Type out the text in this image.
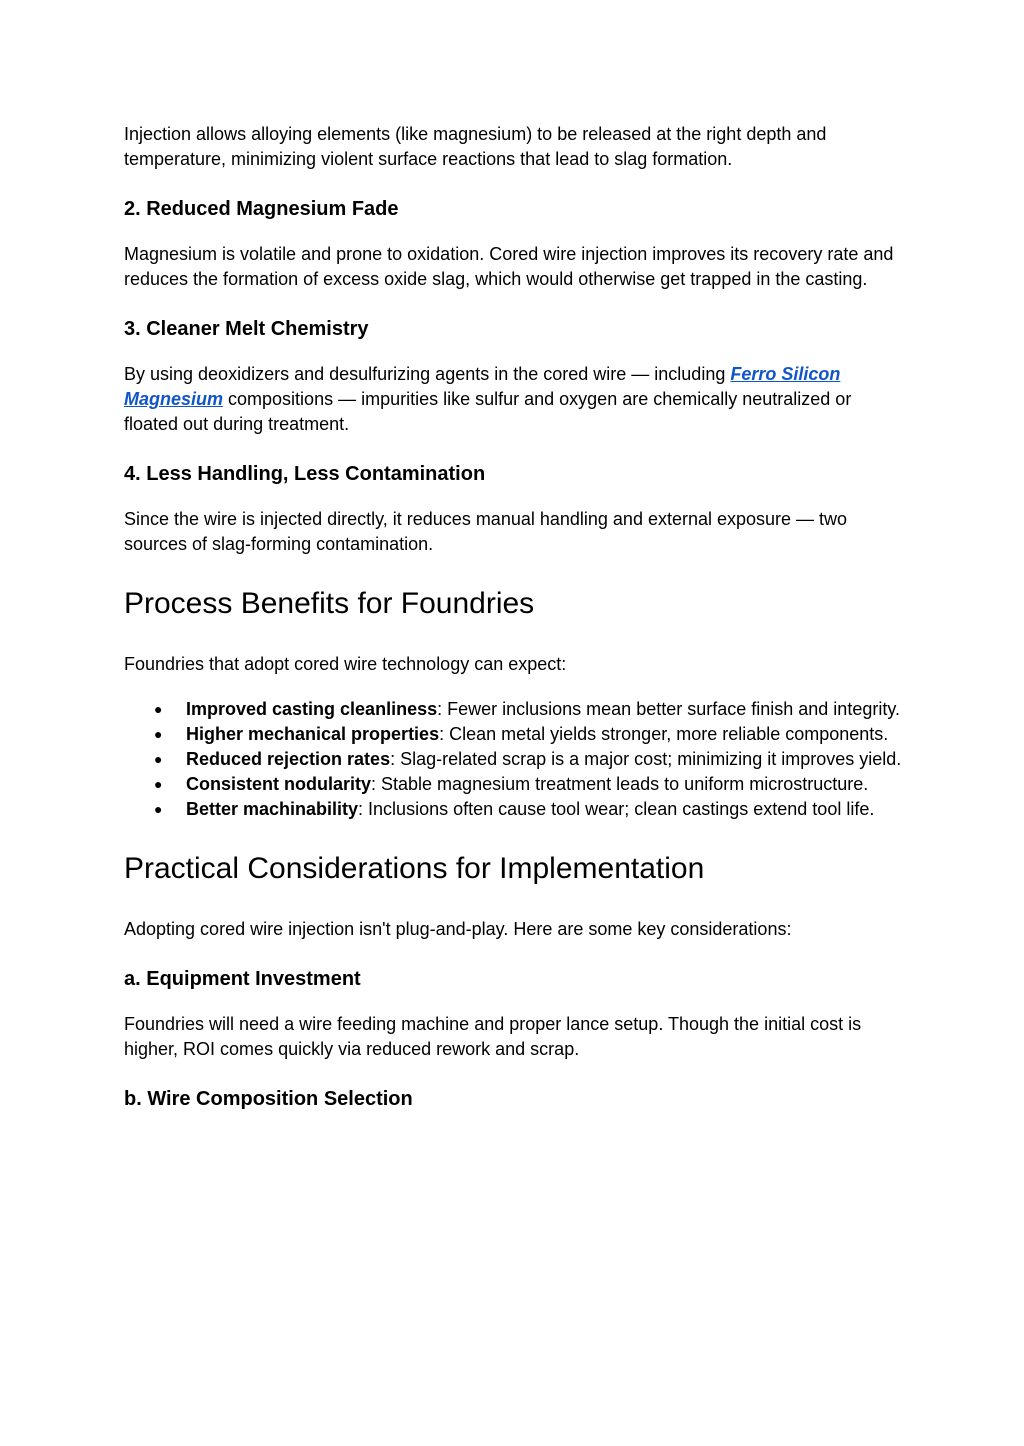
Injection allows alloying elements (like magnesium) to be released at the right depth and temperature, minimizing violent surface reactions that lead to slag formation.

2. Reduced Magnesium Fade

Magnesium is volatile and prone to oxidation. Cored wire injection improves its recovery rate and reduces the formation of excess oxide slag, which would otherwise get trapped in the casting.

3. Cleaner Melt Chemistry

By using deoxidizers and desulfurizing agents in the cored wire — including Ferro Silicon Magnesium compositions — impurities like sulfur and oxygen are chemically neutralized or floated out during treatment.

4. Less Handling, Less Contamination

Since the wire is injected directly, it reduces manual handling and external exposure — two sources of slag-forming contamination.

Process Benefits for Foundries

Foundries that adopt cored wire technology can expect:

● Improved casting cleanliness: Fewer inclusions mean better surface finish and integrity.
● Higher mechanical properties: Clean metal yields stronger, more reliable components.
● Reduced rejection rates: Slag-related scrap is a major cost; minimizing it improves yield.
● Consistent nodularity: Stable magnesium treatment leads to uniform microstructure.
● Better machinability: Inclusions often cause tool wear; clean castings extend tool life.
Practical Considerations for Implementation

Adopting cored wire injection isn't plug-and-play. Here are some key considerations:

a. Equipment Investment

Foundries will need a wire feeding machine and proper lance setup. Though the initial cost is higher, ROI comes quickly via reduced rework and scrap.

b. Wire Composition Selection
